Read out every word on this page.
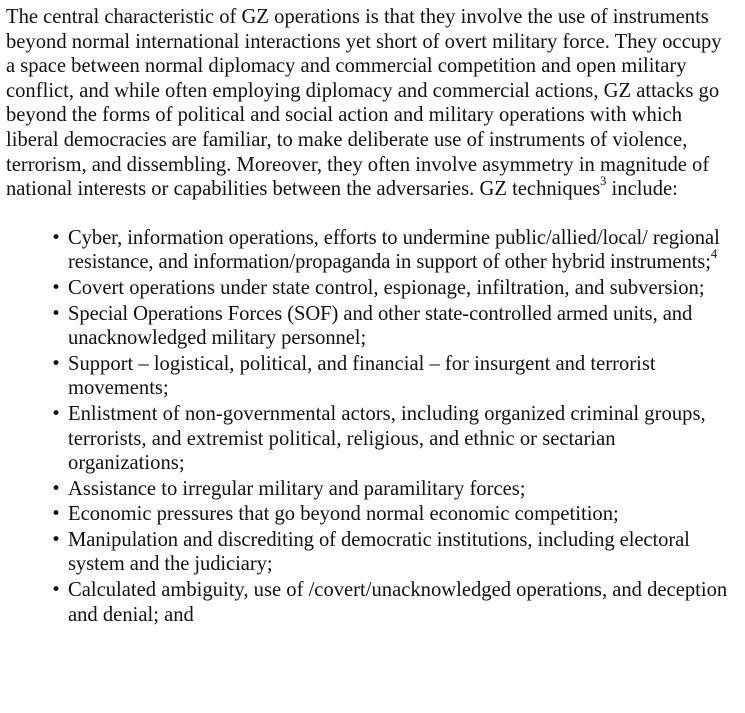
The central characteristic of GZ operations is that they involve the use of instruments beyond normal international interactions yet short of overt military force. They occupy a space between normal diplomacy and commercial competition and open military conflict, and while often employing diplomacy and commercial actions, GZ attacks go beyond the forms of political and social action and military operations with which liberal democracies are familiar, to make deliberate use of instruments of violence, terrorism, and dissembling. Moreover, they often involve asymmetry in magnitude of national interests or capabilities between the adversaries. GZ techniques$^3$ include:

• Cyber, information operations, efforts to undermine public/allied/local/ regional resistance, and information/propaganda in support of other hybrid instruments;$^4$
• Covert operations under state control, espionage, infiltration, and subversion;
• Special Operations Forces (SOF) and other state-controlled armed units, and unacknowledged military personnel;
• Support – logistical, political, and financial – for insurgent and terrorist movements;
• Enlistment of non-governmental actors, including organized criminal groups, terrorists, and extremist political, religious, and ethnic or sectarian organizations;
• Assistance to irregular military and paramilitary forces;
• Economic pressures that go beyond normal economic competition;
• Manipulation and discrediting of democratic institutions, including electoral system and the judiciary;
• Calculated ambiguity, use of /covert/unacknowledged operations, and deception and denial; and
